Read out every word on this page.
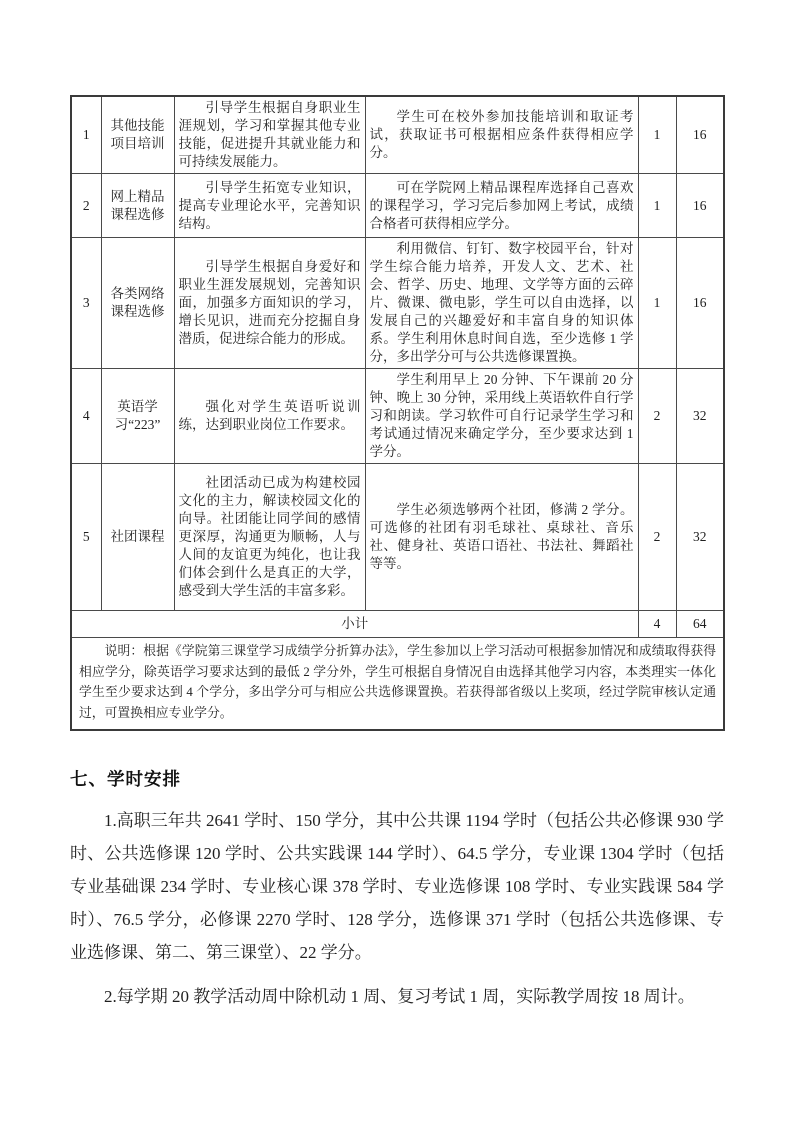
1	其他技能项目培训	引导学生根据自身职业生涯规划，学习和掌握其他专业技能，促进提升其就业能力和可持续发展能力。	学生可在校外参加技能培训和取证考试，获取证书可根据相应条件获得相应学分。	1	16
2	网上精品课程选修	引导学生拓宽专业知识，提高专业理论水平，完善知识结构。	可在学院网上精品课程库选择自己喜欢的课程学习，学习完后参加网上考试，成绩合格者可获得相应学分。	1	16
3	各类网络课程选修	引导学生根据自身爱好和职业生涯发展规划，完善知识面，加强多方面知识的学习，增长见识，进而充分挖掘自身潜质，促进综合能力的形成。	利用微信、钉钉、数字校园平台，针对学生综合能力培养，开发人文、艺术、社会、哲学、历史、地理、文学等方面的云碎片、微课、微电影，学生可以自由选择，以发展自己的兴趣爱好和丰富自身的知识体系。学生利用休息时间自选，至少选修 1 学分，多出学分可与公共选修课置换。	1	16
4	英语学习“223”	强化对学生英语听说训练，达到职业岗位工作要求。	学生利用早上 20 分钟、下午课前 20 分钟、晚上 30 分钟，采用线上英语软件自行学习和朗读。学习软件可自行记录学生学习和考试通过情况来确定学分，至少要求达到 1 学分。	2	32
5	社团课程	社团活动已成为构建校园文化的主力，解读校园文化的向导。社团能让同学间的感情更深厚，沟通更为顺畅，人与人间的友谊更为纯化，也让我们体会到什么是真正的大学，感受到大学生活的丰富多彩。	学生必须选够两个社团，修满 2 学分。可选修的社团有羽毛球社、桌球社、音乐社、健身社、英语口语社、书法社、舞蹈社等等。	2	32
小计				4	64

说明：根据《学院第三课堂学习成绩学分折算办法》，学生参加以上学习活动可根据参加情况和成绩取得获得相应学分，除英语学习要求达到的最低 2 学分外，学生可根据自身情况自由选择其他学习内容，本类理实一体化学生至少要求达到 4 个学分，多出学分可与相应公共选修课置换。若获得部省级以上奖项，经过学院审核认定通过，可置换相应专业学分。					
七、学时安排

1.高职三年共 2641 学时、150 学分，其中公共课 1194 学时（包括公共必修课 930 学时、公共选修课 120 学时、公共实践课 144 学时）、64.5 学分，专业课 1304 学时（包括专业基础课 234 学时、专业核心课 378 学时、专业选修课 108 学时、专业实践课 584 学时）、76.5 学分，必修课 2270 学时、128 学分，选修课 371 学时（包括公共选修课、专业选修课、第二、第三课堂）、22 学分。

2.每学期 20 教学活动周中除机动 1 周、复习考试 1 周，实际教学周按 18 周计。
